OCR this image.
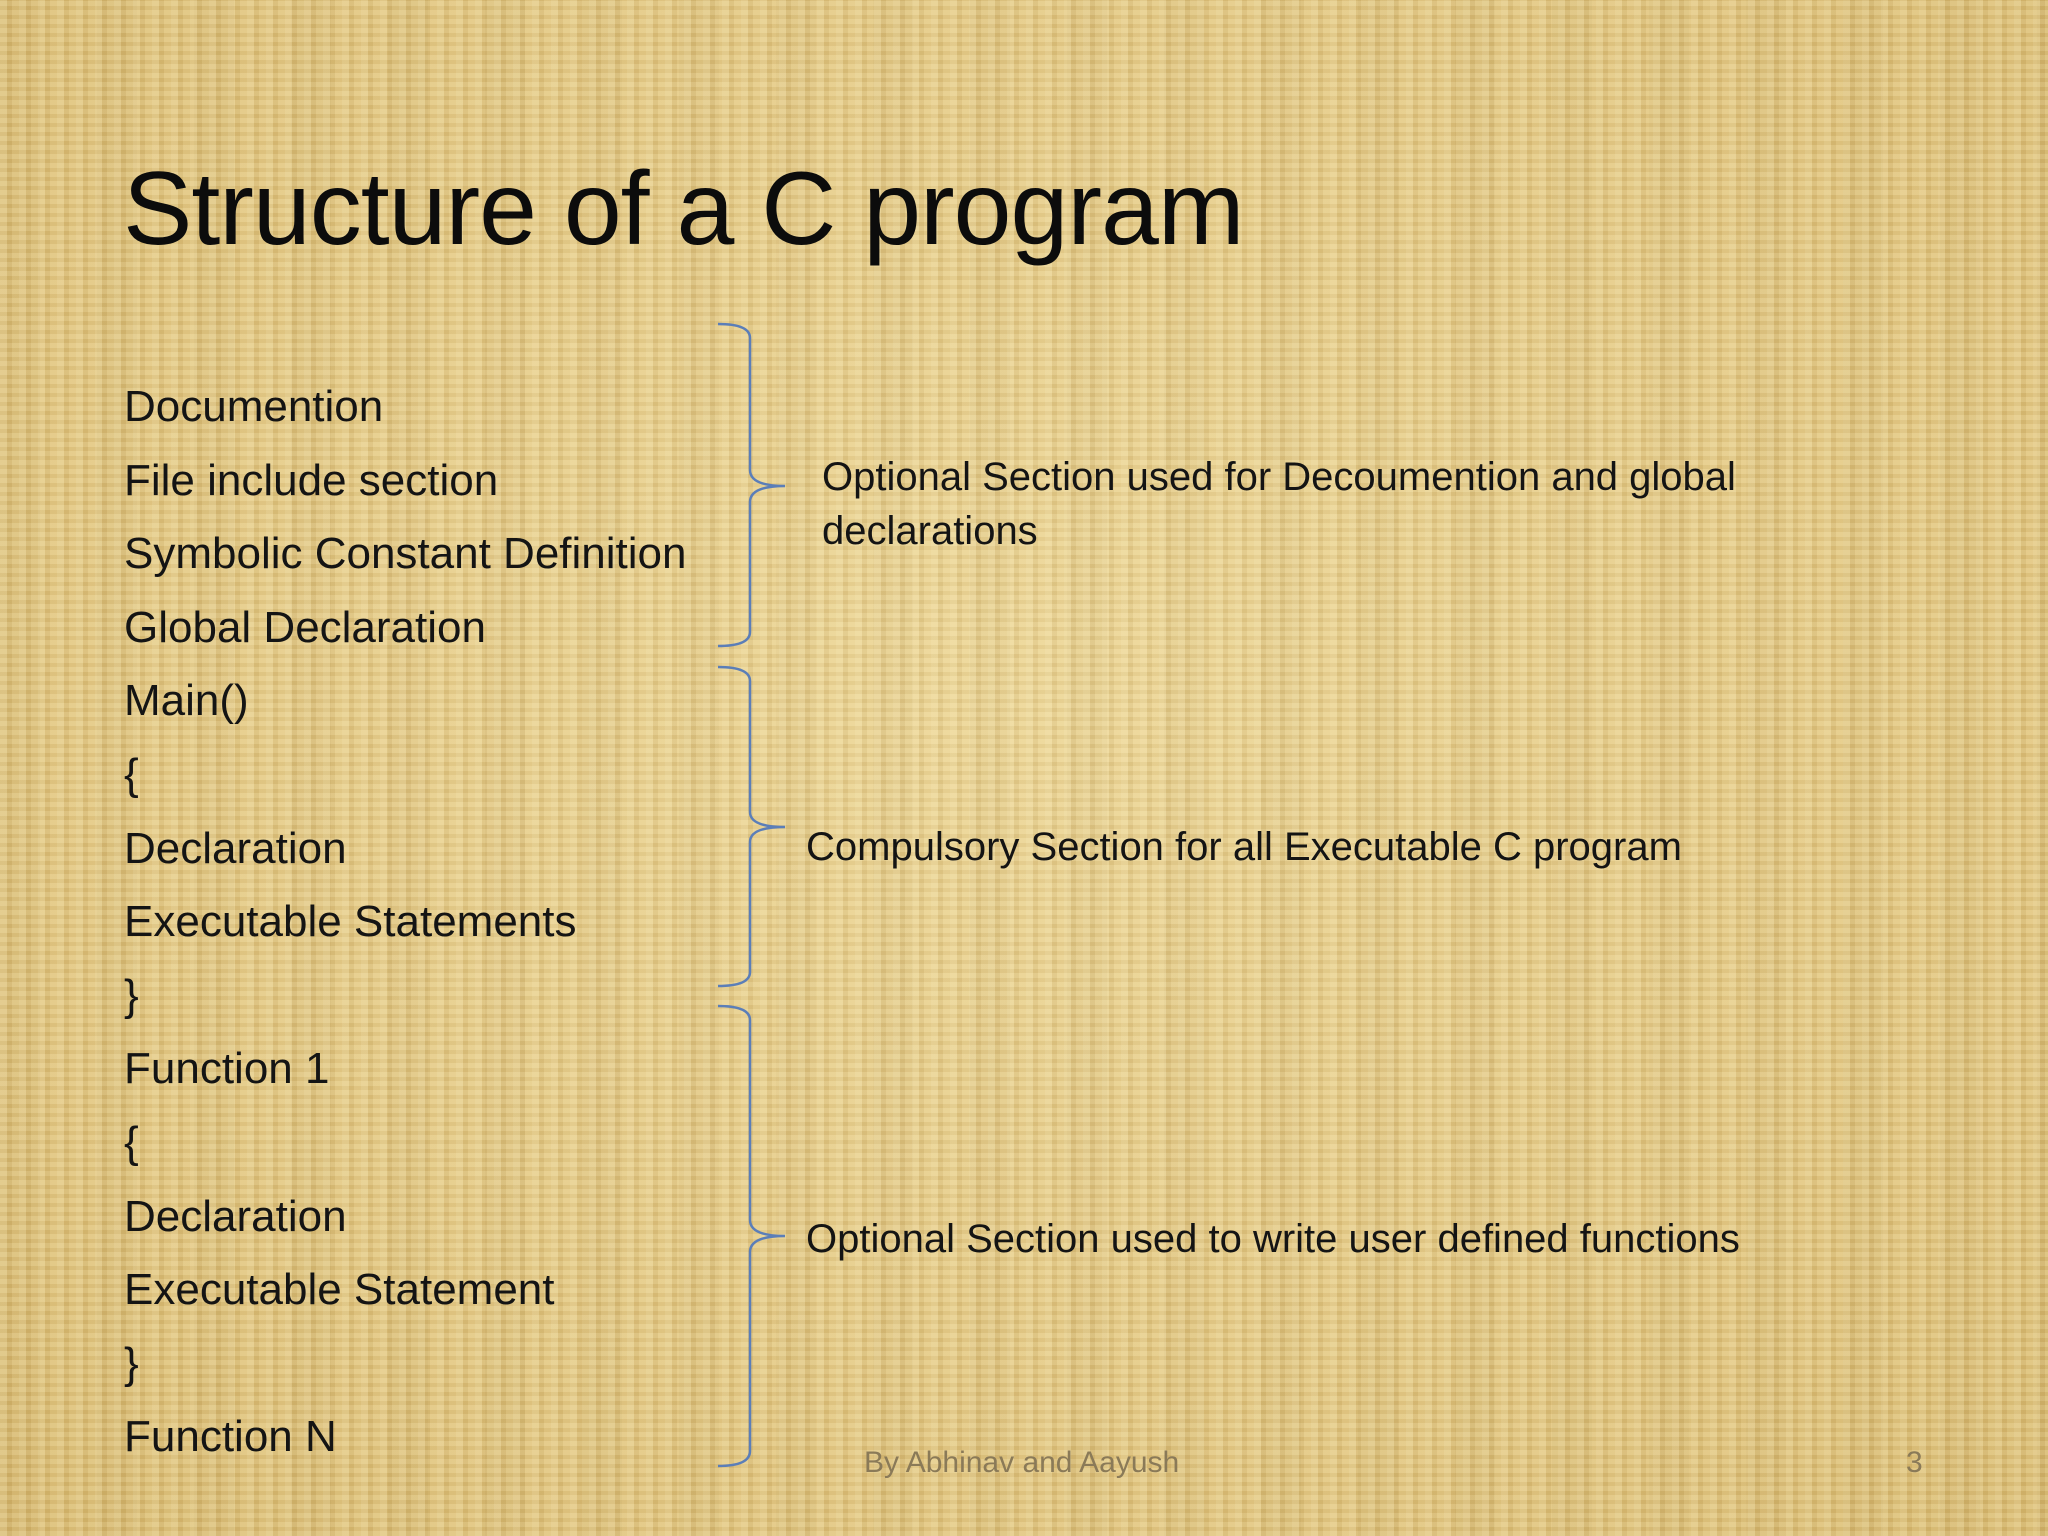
Structure of a C program
Documention
File include section
Symbolic Constant Definition
Global Declaration
Main()
{
Declaration
Executable Statements
}
Function 1
{
Declaration
Executable Statement
}
Function N
Optional Section used for Decoumention and global declarations
Compulsory Section for all Executable C program
Optional Section used to write user defined functions
By Abhinav and Aayush	3
